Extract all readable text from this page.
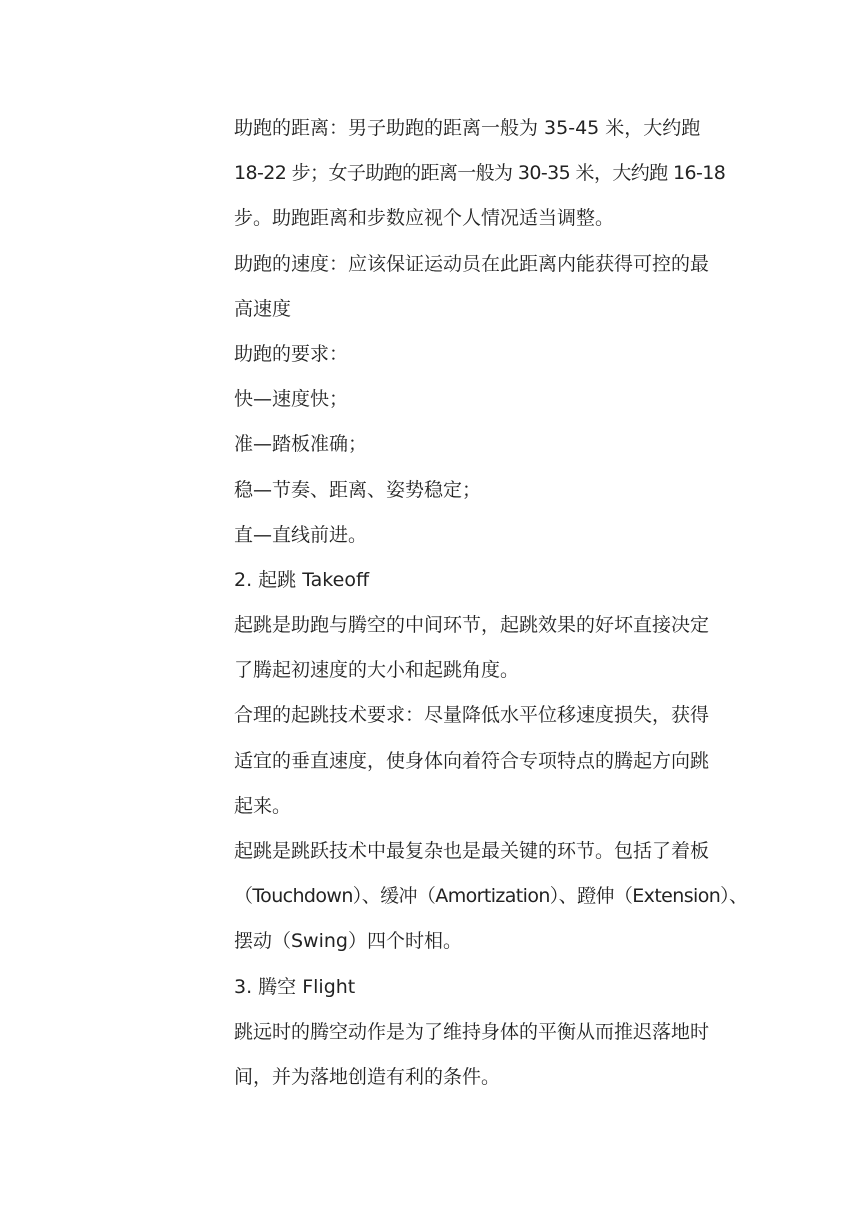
助跑的距离：男子助跑的距离一般为 35-45 米，大约跑
18-22 步；女子助跑的距离一般为 30-35 米，大约跑 16-18
步。助跑距离和步数应视个人情况适当调整。
助跑的速度：应该保证运动员在此距离内能获得可控的最
高速度
助跑的要求：
快—速度快；
准—踏板准确；
稳—节奏、距离、姿势稳定；
直—直线前进。
2. 起跳 Takeoff
起跳是助跑与腾空的中间环节，起跳效果的好坏直接决定
了腾起初速度的大小和起跳角度。
合理的起跳技术要求：尽量降低水平位移速度损失，获得
适宜的垂直速度，使身体向着符合专项特点的腾起方向跳
起来。
起跳是跳跃技术中最复杂也是最关键的环节。包括了着板
（Touchdown）、缓冲（Amortization）、蹬伸（Extension）、
摆动（Swing）四个时相。
3. 腾空 Flight
跳远时的腾空动作是为了维持身体的平衡从而推迟落地时
间，并为落地创造有利的条件。
